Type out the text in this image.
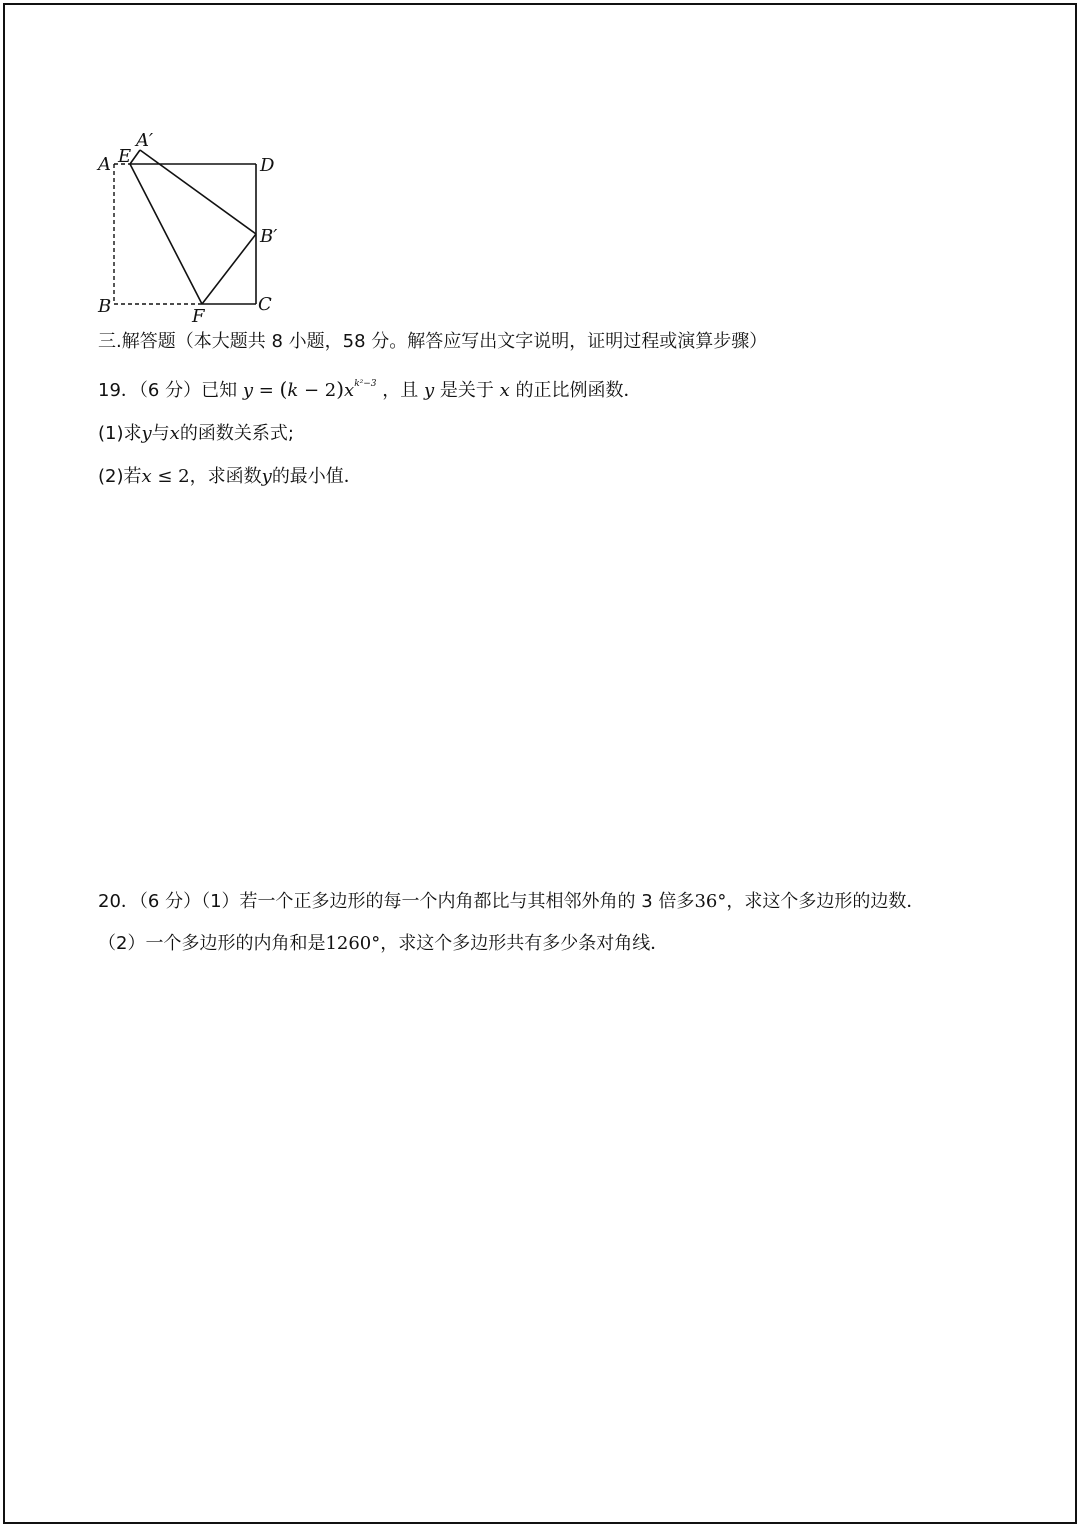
A E
A′
D
B′
B	F
C
三.解答题（本大题共 8 小题，58 分。解答应写出文字说明，证明过程或演算步骤）
19．（6 分）已知 $y = (k - 2)x^{k^2-3}$ ，且 y 是关于 x 的正比例函数．
(1)求y与x的函数关系式;
(2)若x ≤ 2，求函数y的最小值．
20．（6 分）（1）若一个正多边形的每一个内角都比与其相邻外角的 3 倍多36°，求这个多边形的边数．
（2）一个多边形的内角和是1260°，求这个多边形共有多少条对角线．
